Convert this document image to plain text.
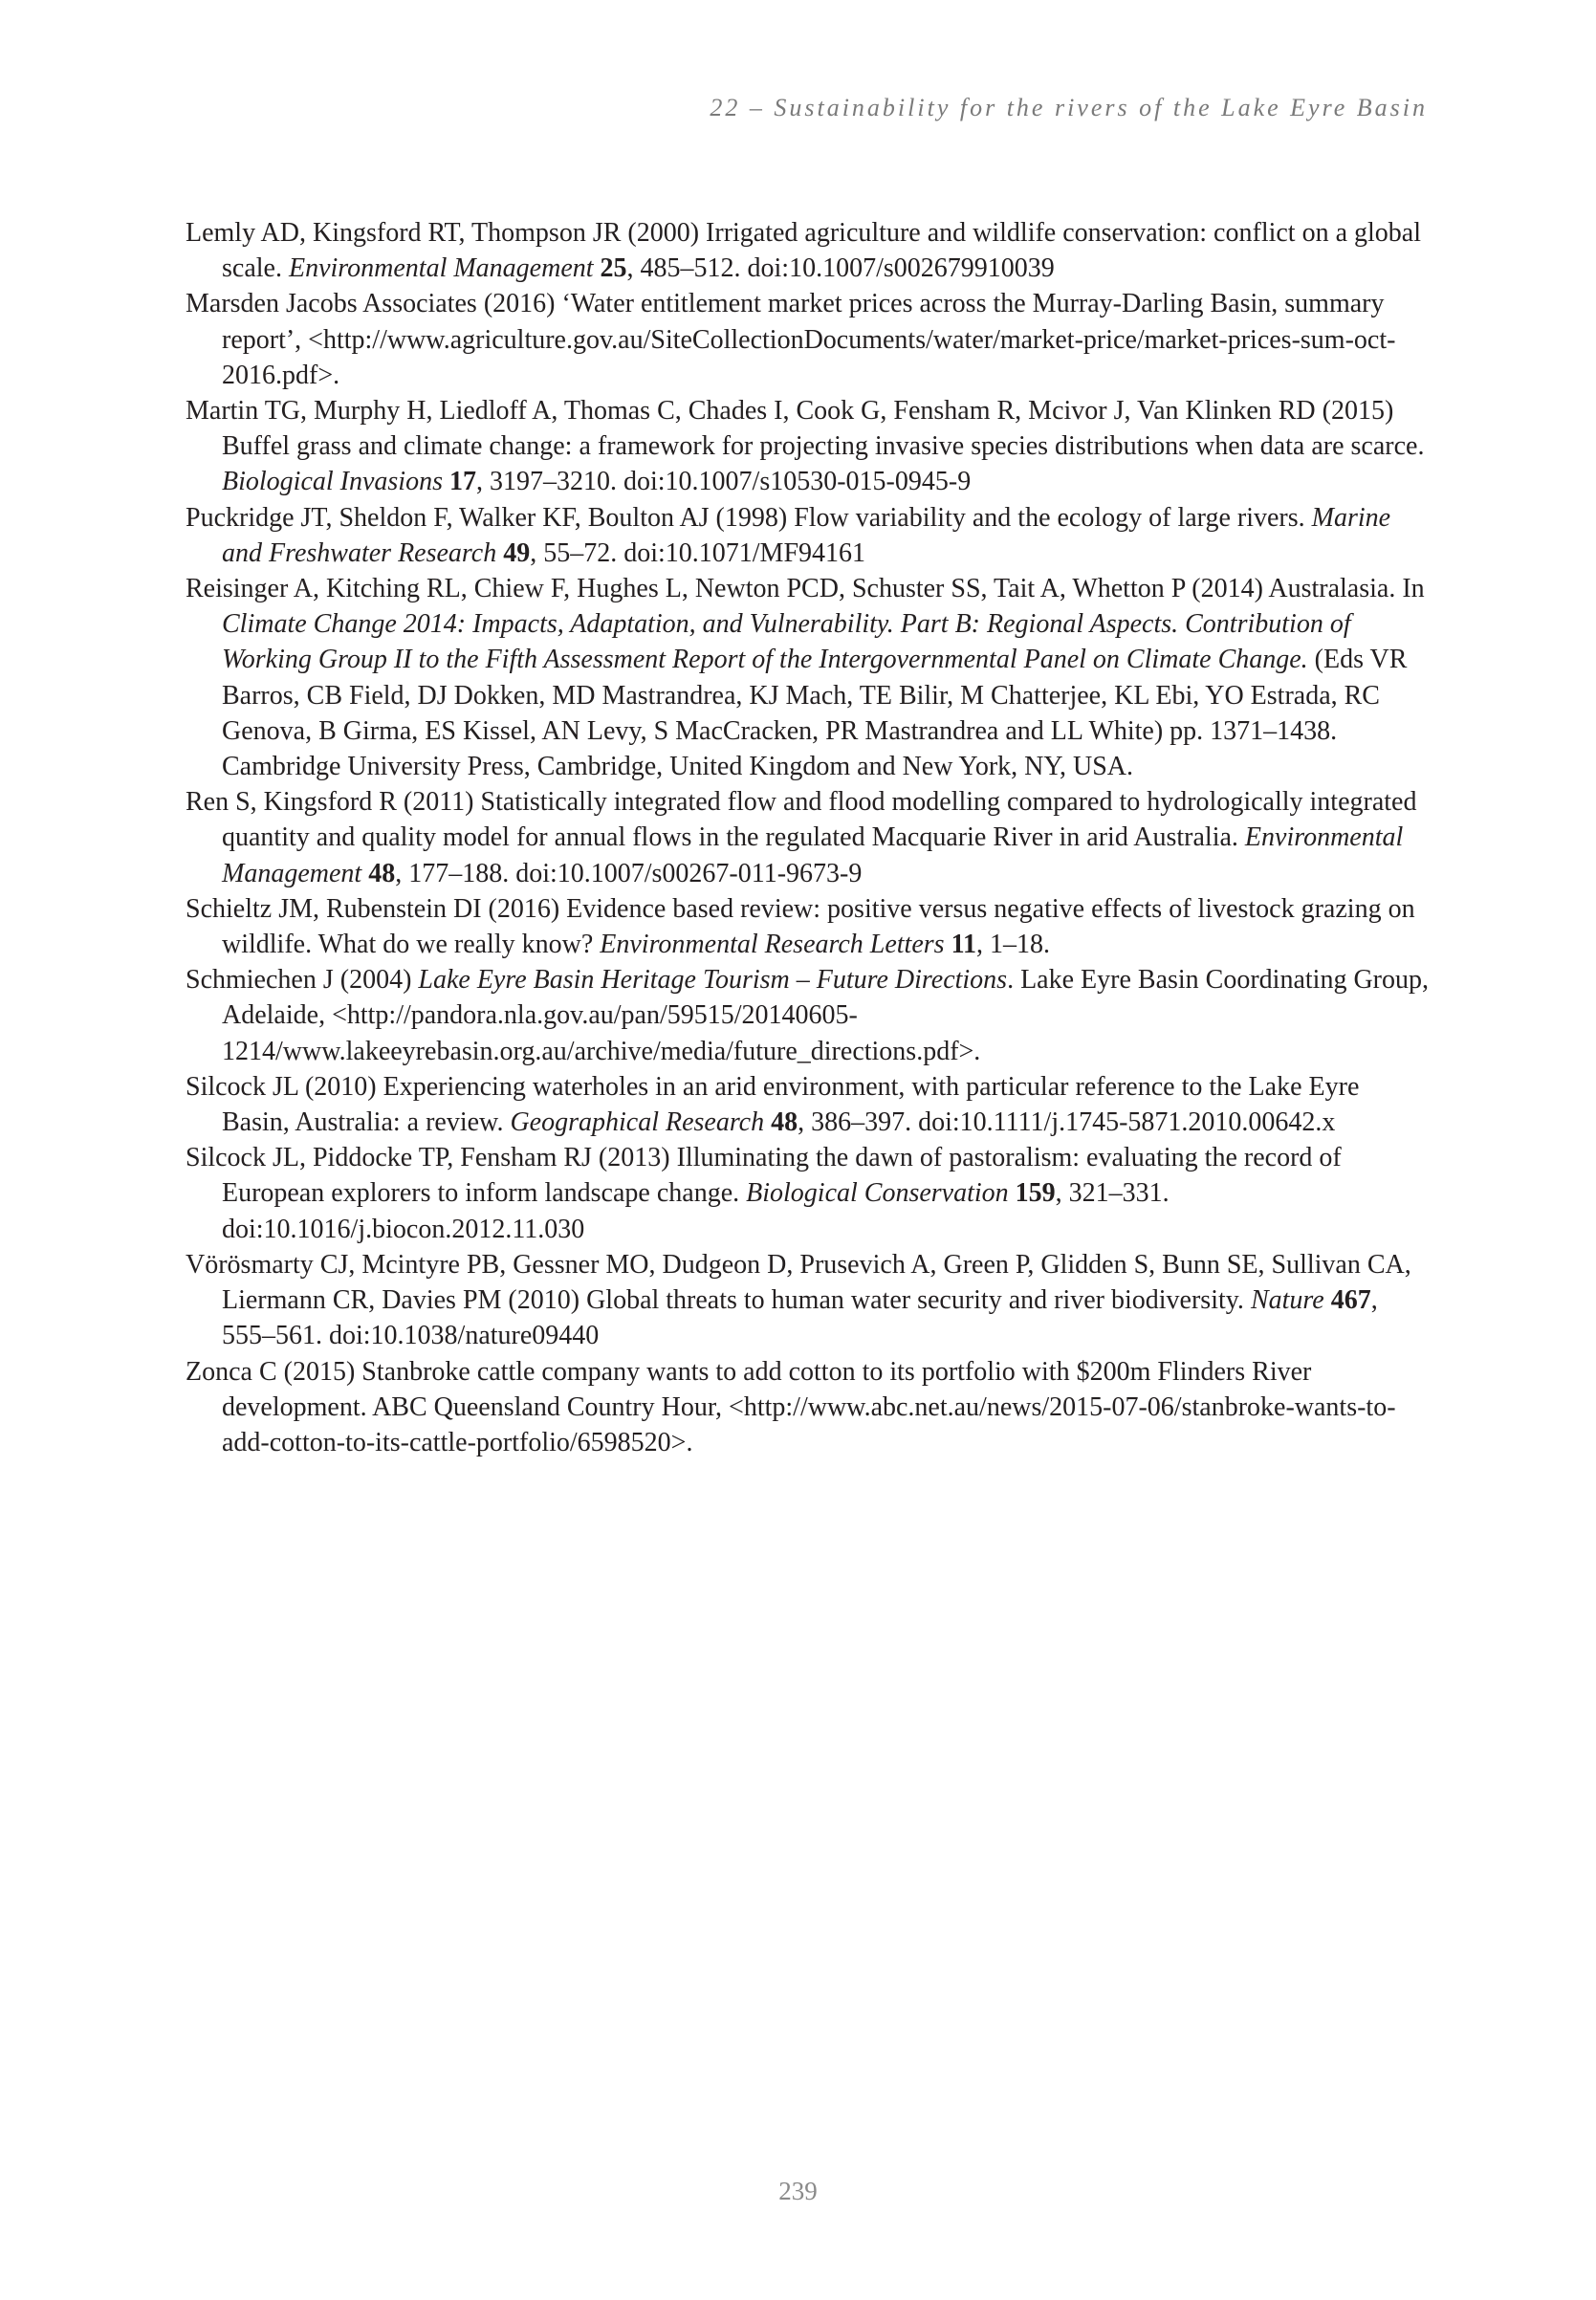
22 – Sustainability for the rivers of the Lake Eyre Basin
Lemly AD, Kingsford RT, Thompson JR (2000) Irrigated agriculture and wildlife conservation: conflict on a global scale. Environmental Management 25, 485–512. doi:10.1007/s002679910039
Marsden Jacobs Associates (2016) ‘Water entitlement market prices across the Murray-Darling Basin, summary report’, <http://www.agriculture.gov.au/SiteCollectionDocuments/water/market-price/market-prices-sum-oct-2016.pdf>.
Martin TG, Murphy H, Liedloff A, Thomas C, Chades I, Cook G, Fensham R, Mcivor J, Van Klinken RD (2015) Buffel grass and climate change: a framework for projecting invasive species distributions when data are scarce. Biological Invasions 17, 3197–3210. doi:10.1007/s10530-015-0945-9
Puckridge JT, Sheldon F, Walker KF, Boulton AJ (1998) Flow variability and the ecology of large rivers. Marine and Freshwater Research 49, 55–72. doi:10.1071/MF94161
Reisinger A, Kitching RL, Chiew F, Hughes L, Newton PCD, Schuster SS, Tait A, Whetton P (2014) Australasia. In Climate Change 2014: Impacts, Adaptation, and Vulnerability. Part B: Regional Aspects. Contribution of Working Group II to the Fifth Assessment Report of the Intergovernmental Panel on Climate Change. (Eds VR Barros, CB Field, DJ Dokken, MD Mastrandrea, KJ Mach, TE Bilir, M Chatterjee, KL Ebi, YO Estrada, RC Genova, B Girma, ES Kissel, AN Levy, S MacCracken, PR Mastrandrea and LL White) pp. 1371–1438. Cambridge University Press, Cambridge, United Kingdom and New York, NY, USA.
Ren S, Kingsford R (2011) Statistically integrated flow and flood modelling compared to hydrologically integrated quantity and quality model for annual flows in the regulated Macquarie River in arid Australia. Environmental Management 48, 177–188. doi:10.1007/s00267-011-9673-9
Schieltz JM, Rubenstein DI (2016) Evidence based review: positive versus negative effects of livestock grazing on wildlife. What do we really know? Environmental Research Letters 11, 1–18.
Schmiechen J (2004) Lake Eyre Basin Heritage Tourism – Future Directions. Lake Eyre Basin Coordinating Group, Adelaide, <http://pandora.nla.gov.au/pan/59515/20140605-1214/www.lakeeyrebasin.org.au/archive/media/future_directions.pdf>.
Silcock JL (2010) Experiencing waterholes in an arid environment, with particular reference to the Lake Eyre Basin, Australia: a review. Geographical Research 48, 386–397. doi:10.1111/j.1745-5871.2010.00642.x
Silcock JL, Piddocke TP, Fensham RJ (2013) Illuminating the dawn of pastoralism: evaluating the record of European explorers to inform landscape change. Biological Conservation 159, 321–331. doi:10.1016/j.biocon.2012.11.030
Vörösmarty CJ, Mcintyre PB, Gessner MO, Dudgeon D, Prusevich A, Green P, Glidden S, Bunn SE, Sullivan CA, Liermann CR, Davies PM (2010) Global threats to human water security and river biodiversity. Nature 467, 555–561. doi:10.1038/nature09440
Zonca C (2015) Stanbroke cattle company wants to add cotton to its portfolio with $200m Flinders River development. ABC Queensland Country Hour, <http://www.abc.net.au/news/2015-07-06/stanbroke-wants-to-add-cotton-to-its-cattle-portfolio/6598520>.
239
